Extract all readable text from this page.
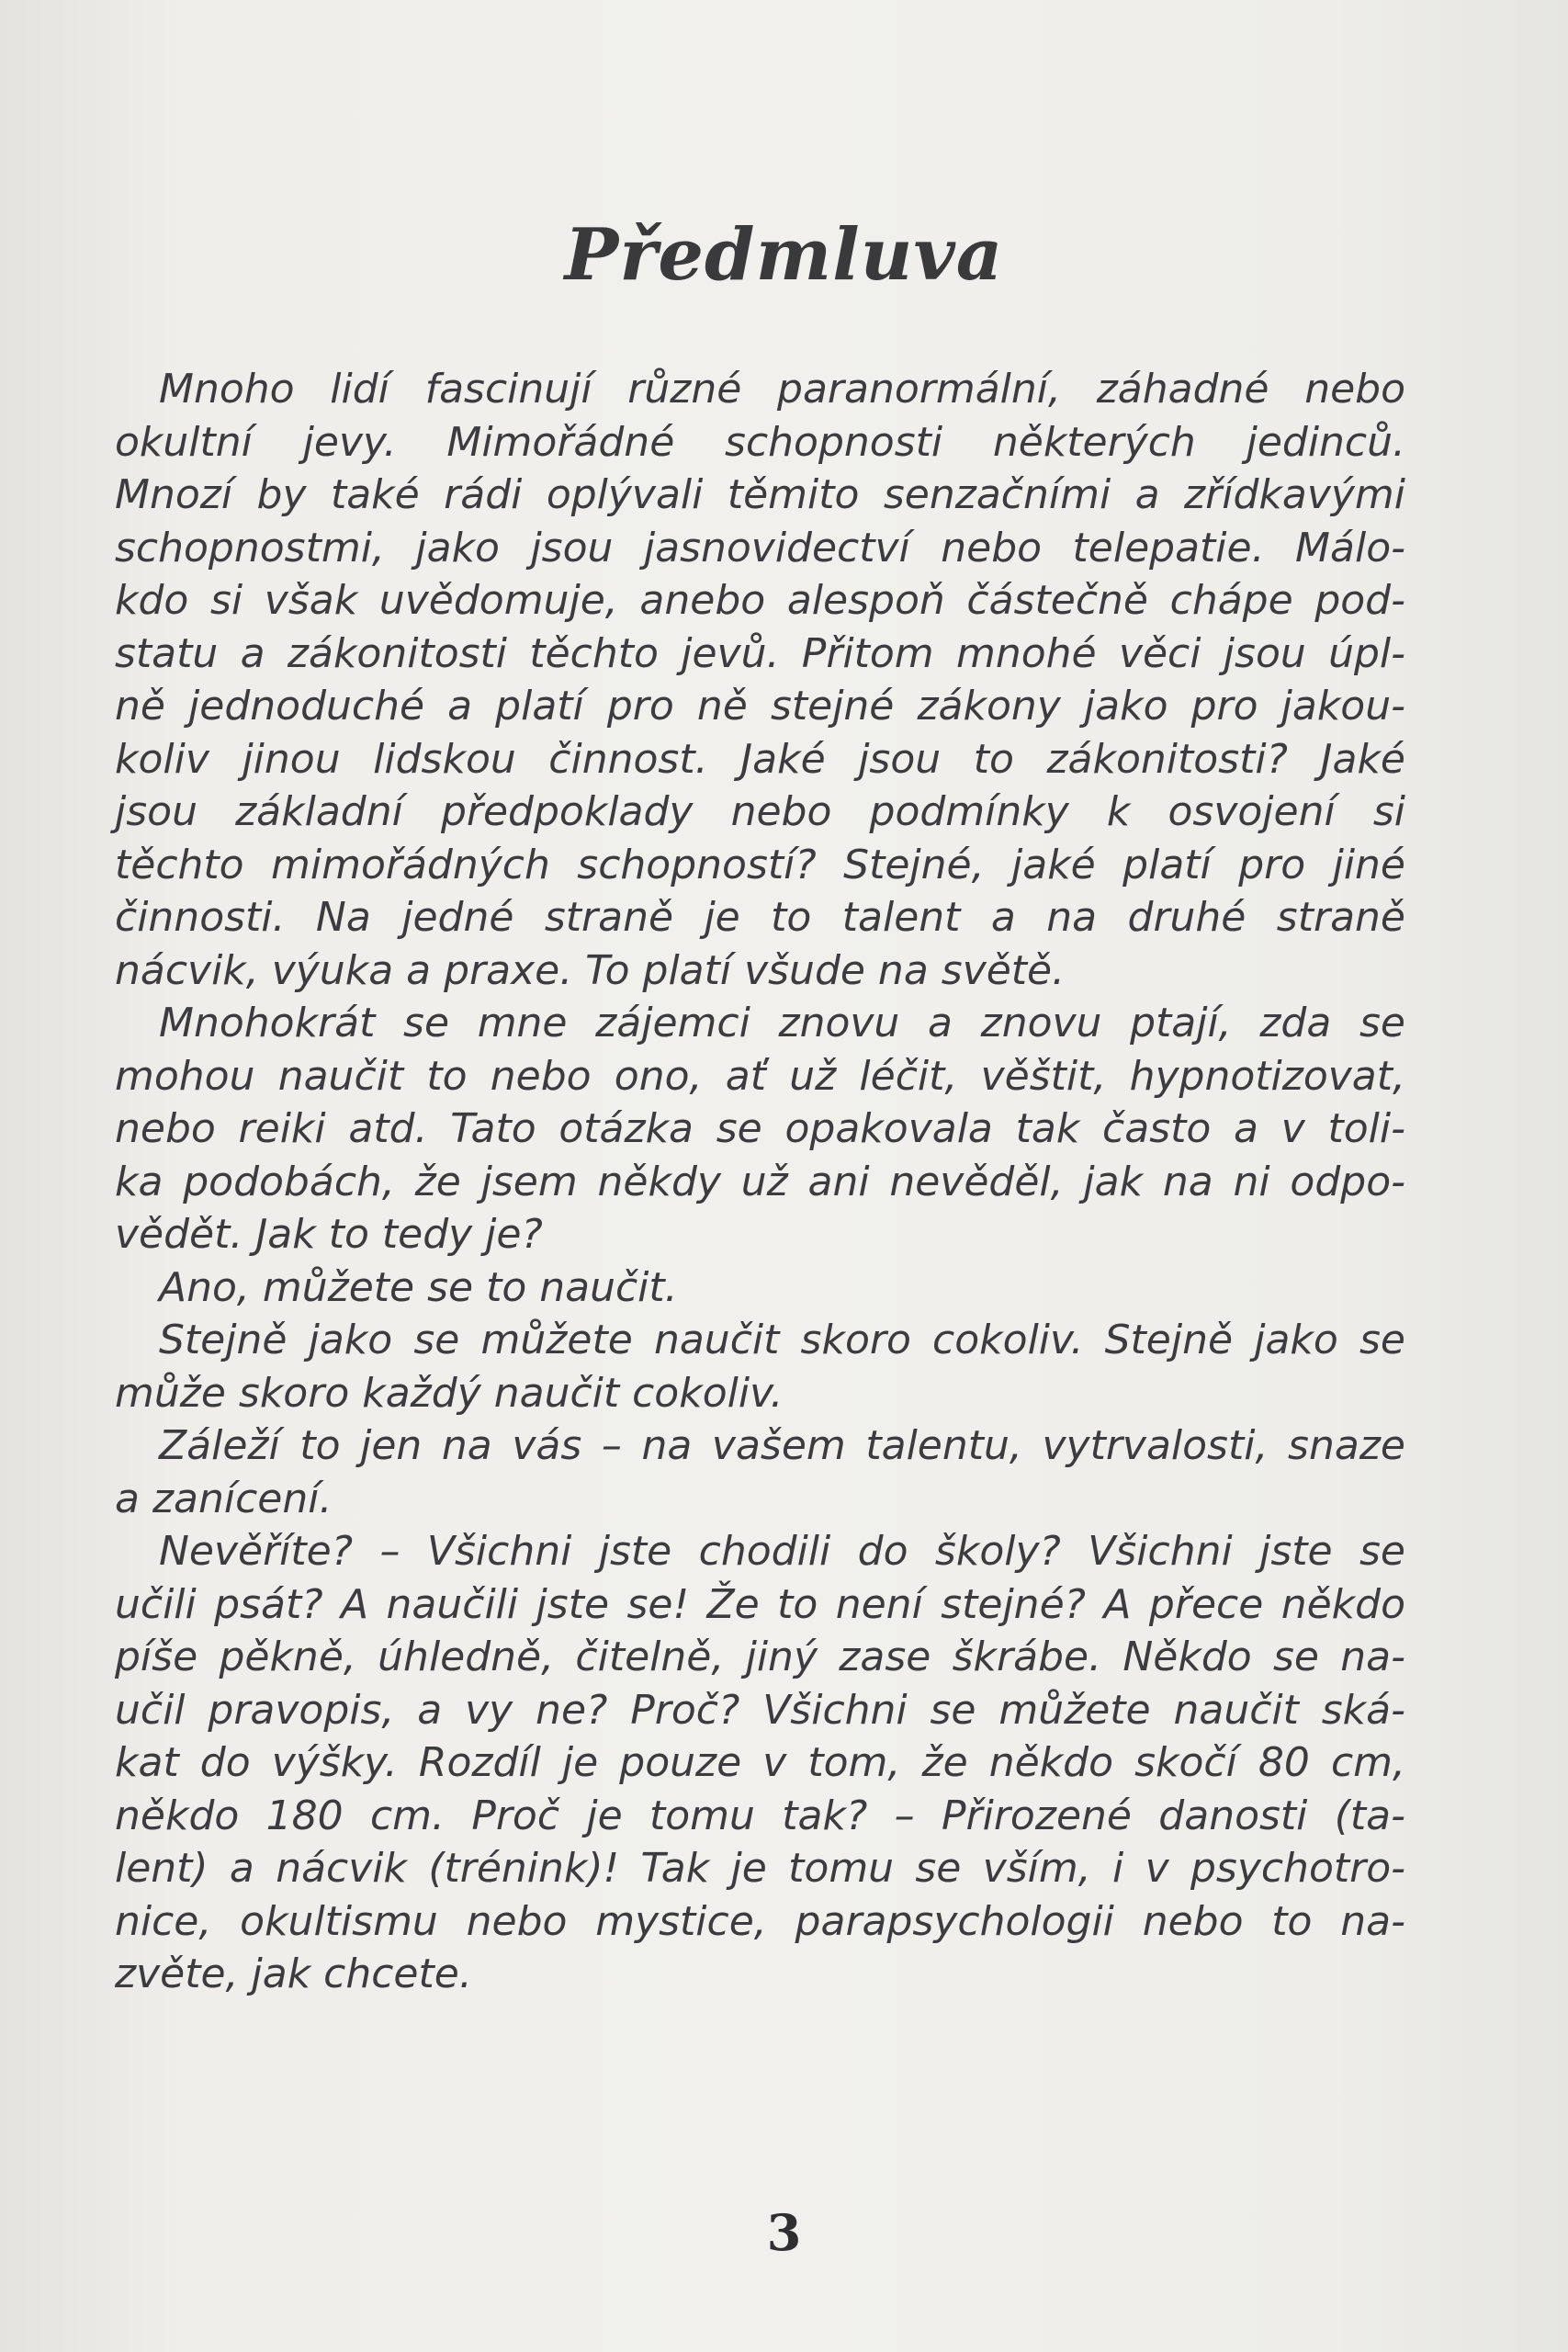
Předmluva

Mnoho lidí fascinují různé paranormální, záhadné nebo
okultní jevy. Mimořádné schopnosti některých jedinců.
Mnozí by také rádi oplývali těmito senzačními a zřídkavými
schopnostmi, jako jsou jasnovidectví nebo telepatie. Málo-
kdo si však uvědomuje, anebo alespoň částečně chápe pod-
statu a zákonitosti těchto jevů. Přitom mnohé věci jsou úpl-
ně jednoduché a platí pro ně stejné zákony jako pro jakou-
koliv jinou lidskou činnost. Jaké jsou to zákonitosti? Jaké
jsou základní předpoklady nebo podmínky k osvojení si
těchto mimořádných schopností? Stejné, jaké platí pro jiné
činnosti. Na jedné straně je to talent a na druhé straně
nácvik, výuka a praxe. To platí všude na světě.

Mnohokrát se mne zájemci znovu a znovu ptají, zda se
mohou naučit to nebo ono, ať už léčit, věštit, hypnotizovat,
nebo reiki atd. Tato otázka se opakovala tak často a v toli-
ka podobách, že jsem někdy už ani nevěděl, jak na ni odpo-
vědět. Jak to tedy je?

Ano, můžete se to naučit.

Stejně jako se můžete naučit skoro cokoliv. Stejně jako se
může skoro každý naučit cokoliv.

Záleží to jen na vás – na vašem talentu, vytrvalosti, snaze
a zanícení.

Nevěříte? – Všichni jste chodili do školy? Všichni jste se
učili psát? A naučili jste se! Že to není stejné? A přece někdo
píše pěkně, úhledně, čitelně, jiný zase škrábe. Někdo se na-
učil pravopis, a vy ne? Proč? Všichni se můžete naučit ská-
kat do výšky. Rozdíl je pouze v tom, že někdo skočí 80 cm,
někdo 180 cm. Proč je tomu tak? – Přirozené danosti (ta-
lent) a nácvik (trénink)! Tak je tomu se vším, i v psychotro-
nice, okultismu nebo mystice, parapsychologii nebo to na-
zvěte, jak chcete.

3
